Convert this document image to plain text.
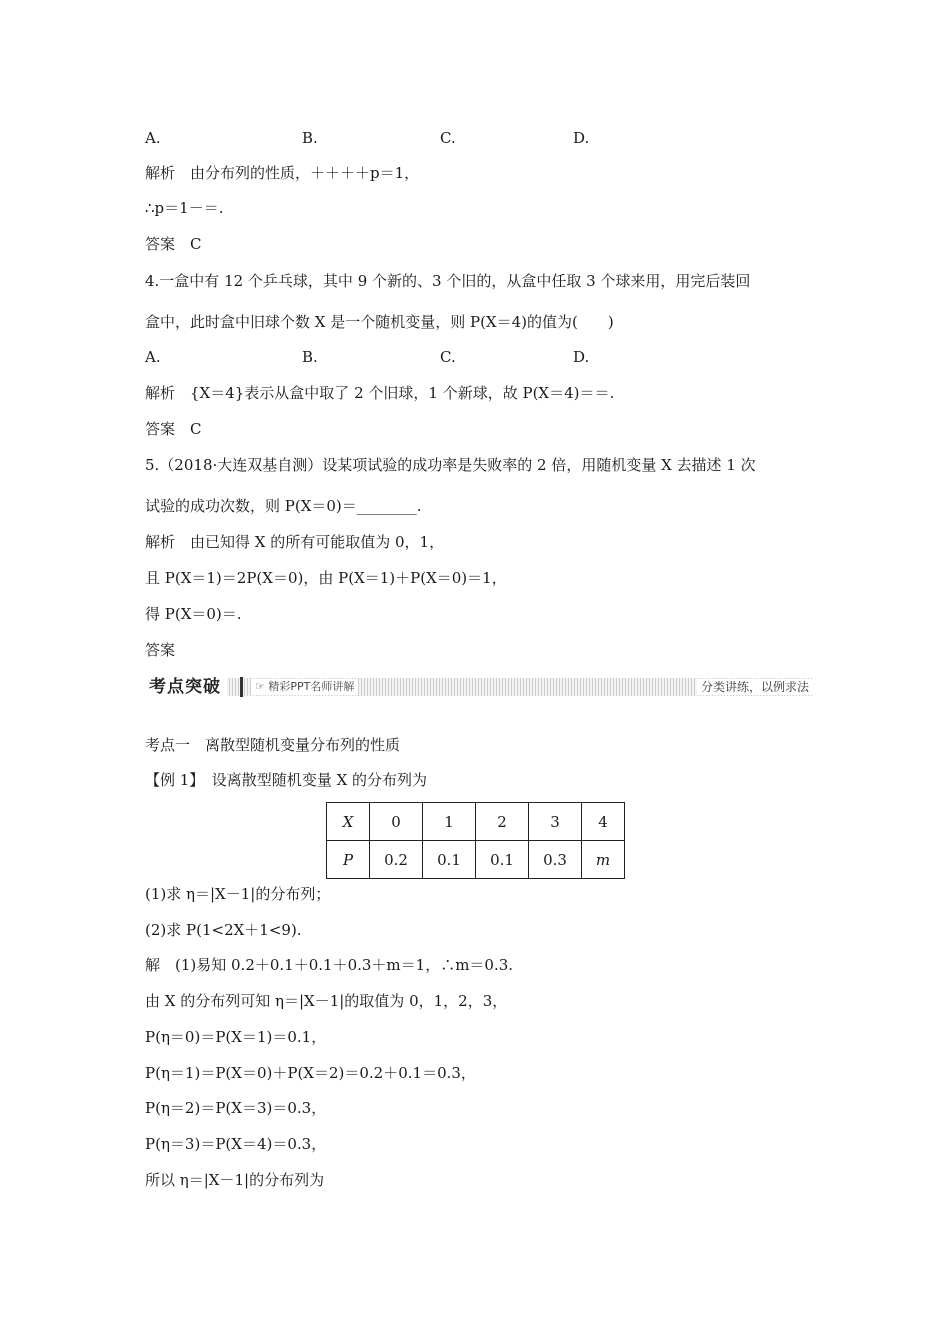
A.	B.	C.	D.
解析　由分布列的性质，＋＋＋＋p＝1，
∴p＝1－＝.
答案　C
4.一盒中有 12 个乒乓球，其中 9 个新的、3 个旧的，从盒中任取 3 个球来用，用完后装回
盒中，此时盒中旧球个数 X 是一个随机变量，则 P(X＝4)的值为(　　)
A.	B.	C.	D.
解析　{X＝4}表示从盒中取了 2 个旧球，1 个新球，故 P(X＝4)＝＝.
答案　C
5.（2018·大连双基自测）设某项试验的成功率是失败率的 2 倍，用随机变量 X 去描述 1 次
试验的成功次数，则 P(X＝0)＝________.
解析　由已知得 X 的所有可能取值为 0，1，
且 P(X＝1)＝2P(X＝0)，由 P(X＝1)＋P(X＝0)＝1，
得 P(X＝0)＝.
答案
考点突破	☞ 精彩PPT名师讲解	分类讲练，以例求法
考点一　离散型随机变量分布列的性质
【例 1】　设离散型随机变量 X 的分布列为
X	0	1	2	3	4
P	0.2	0.1	0.1	0.3	m
(1)求 η＝|X－1|的分布列；
(2)求 P(1<2X＋1<9).
解　(1)易知 0.2＋0.1＋0.1＋0.3＋m＝1，∴m＝0.3.
由 X 的分布列可知 η＝|X－1|的取值为 0，1，2，3，
P(η＝0)＝P(X＝1)＝0.1，
P(η＝1)＝P(X＝0)＋P(X＝2)＝0.2＋0.1＝0.3，
P(η＝2)＝P(X＝3)＝0.3，
P(η＝3)＝P(X＝4)＝0.3，
所以 η＝|X－1|的分布列为
